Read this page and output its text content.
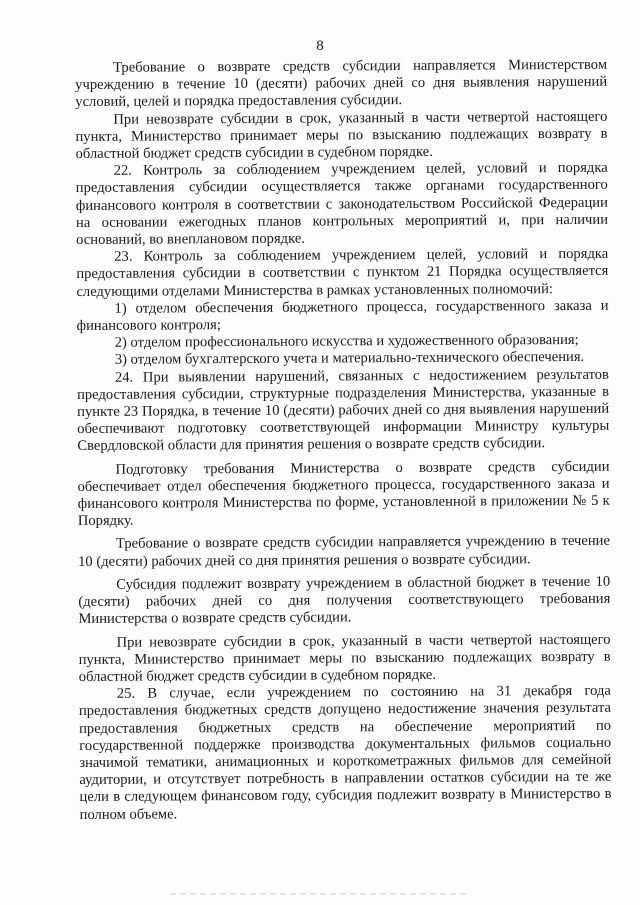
8

Требование о возврате средств субсидии направляется Министерством учреждению в течение 10 (десяти) рабочих дней со дня выявления нарушений условий, целей и порядка предоставления субсидии.

При невозврате субсидии в срок, указанный в части четвертой настоящего пункта, Министерство принимает меры по взысканию подлежащих возврату в областной бюджет средств субсидии в судебном порядке.

22. Контроль за соблюдением учреждением целей, условий и порядка предоставления субсидии осуществляется также органами государственного финансового контроля в соответствии с законодательством Российской Федерации на основании ежегодных планов контрольных мероприятий и, при наличии оснований, во внеплановом порядке.

23. Контроль за соблюдением учреждением целей, условий и порядка предоставления субсидии в соответствии с пунктом 21 Порядка осуществляется следующими отделами Министерства в рамках установленных полномочий:

1) отделом обеспечения бюджетного процесса, государственного заказа и финансового контроля;

2) отделом профессионального искусства и художественного образования;

3) отделом бухгалтерского учета и материально-технического обеспечения.

24. При выявлении нарушений, связанных с недостижением результатов предоставления субсидии, структурные подразделения Министерства, указанные в пункте 23 Порядка, в течение 10 (десяти) рабочих дней со дня выявления нарушений обеспечивают подготовку соответствующей информации Министру культуры Свердловской области для принятия решения о возврате средств субсидии.

Подготовку требования Министерства о возврате средств субсидии обеспечивает отдел обеспечения бюджетного процесса, государственного заказа и финансового контроля Министерства по форме, установленной в приложении № 5 к Порядку.

Требование о возврате средств субсидии направляется учреждению в течение 10 (десяти) рабочих дней со дня принятия решения о возврате субсидии.

Субсидия подлежит возврату учреждением в областной бюджет в течение 10 (десяти) рабочих дней со дня получения соответствующего требования Министерства о возврате средств субсидии.

При невозврате субсидии в срок, указанный в части четвертой настоящего пункта, Министерство принимает меры по взысканию подлежащих возврату в областной бюджет средств субсидии в судебном порядке.

25. В случае, если учреждением по состоянию на 31 декабря года предоставления бюджетных средств допущено недостижение значения результата предоставления бюджетных средств на обеспечение мероприятий по государственной поддержке производства документальных фильмов социально значимой тематики, анимационных и короткометражных фильмов для семейной аудитории, и отсутствует потребность в направлении остатков субсидии на те же цели в следующем финансовом году, субсидия подлежит возврату в Министерство в полном объеме.
